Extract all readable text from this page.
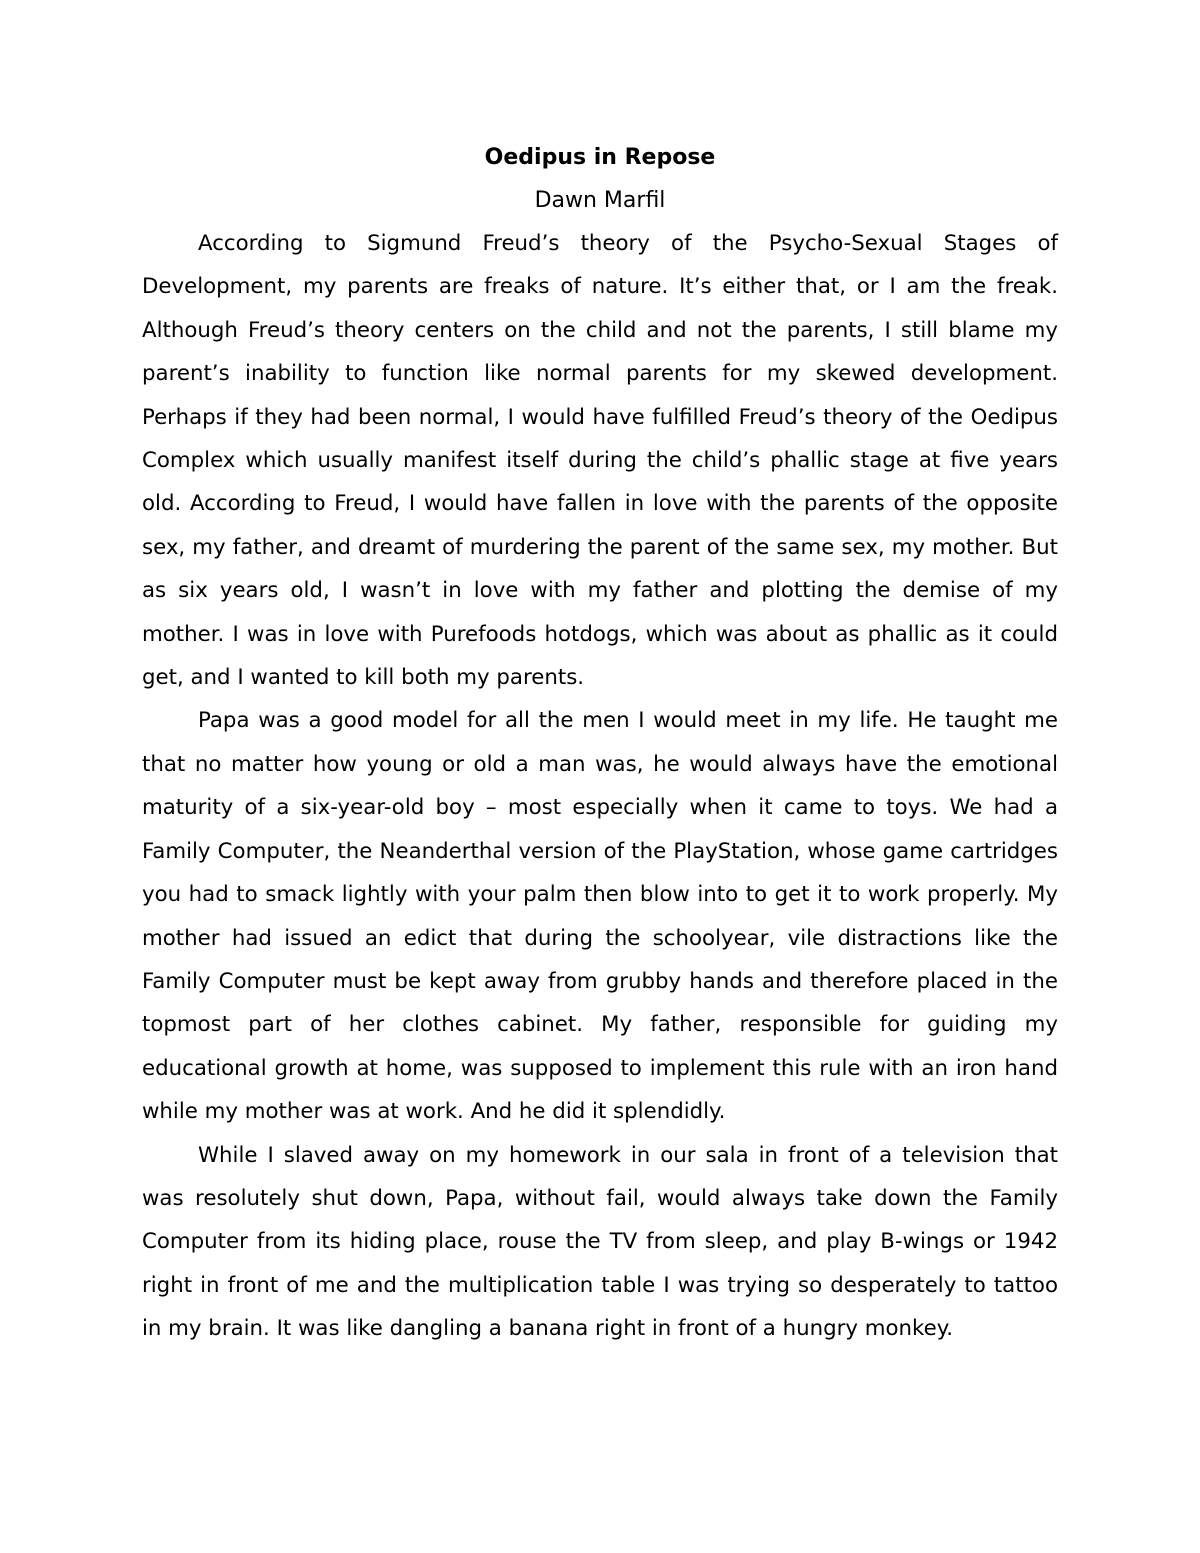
Oedipus in Repose

Dawn Marfil

According to Sigmund Freud’s theory of the Psycho-Sexual Stages of Development, my parents are freaks of nature. It’s either that, or I am the freak. Although Freud’s theory centers on the child and not the parents, I still blame my parent’s inability to function like normal parents for my skewed development. Perhaps if they had been normal, I would have fulfilled Freud’s theory of the Oedipus Complex which usually manifest itself during the child’s phallic stage at five years old. According to Freud, I would have fallen in love with the parents of the opposite sex, my father, and dreamt of murdering the parent of the same sex, my mother. But as six years old, I wasn’t in love with my father and plotting the demise of my mother. I was in love with Purefoods hotdogs, which was about as phallic as it could get, and I wanted to kill both my parents.

Papa was a good model for all the men I would meet in my life. He taught me that no matter how young or old a man was, he would always have the emotional maturity of a six-year-old boy – most especially when it came to toys. We had a Family Computer, the Neanderthal version of the PlayStation, whose game cartridges you had to smack lightly with your palm then blow into to get it to work properly. My mother had issued an edict that during the schoolyear, vile distractions like the Family Computer must be kept away from grubby hands and therefore placed in the topmost part of her clothes cabinet. My father, responsible for guiding my educational growth at home, was supposed to implement this rule with an iron hand while my mother was at work. And he did it splendidly.

While I slaved away on my homework in our sala in front of a television that was resolutely shut down, Papa, without fail, would always take down the Family Computer from its hiding place, rouse the TV from sleep, and play B-wings or 1942 right in front of me and the multiplication table I was trying so desperately to tattoo in my brain. It was like dangling a banana right in front of a hungry monkey.
